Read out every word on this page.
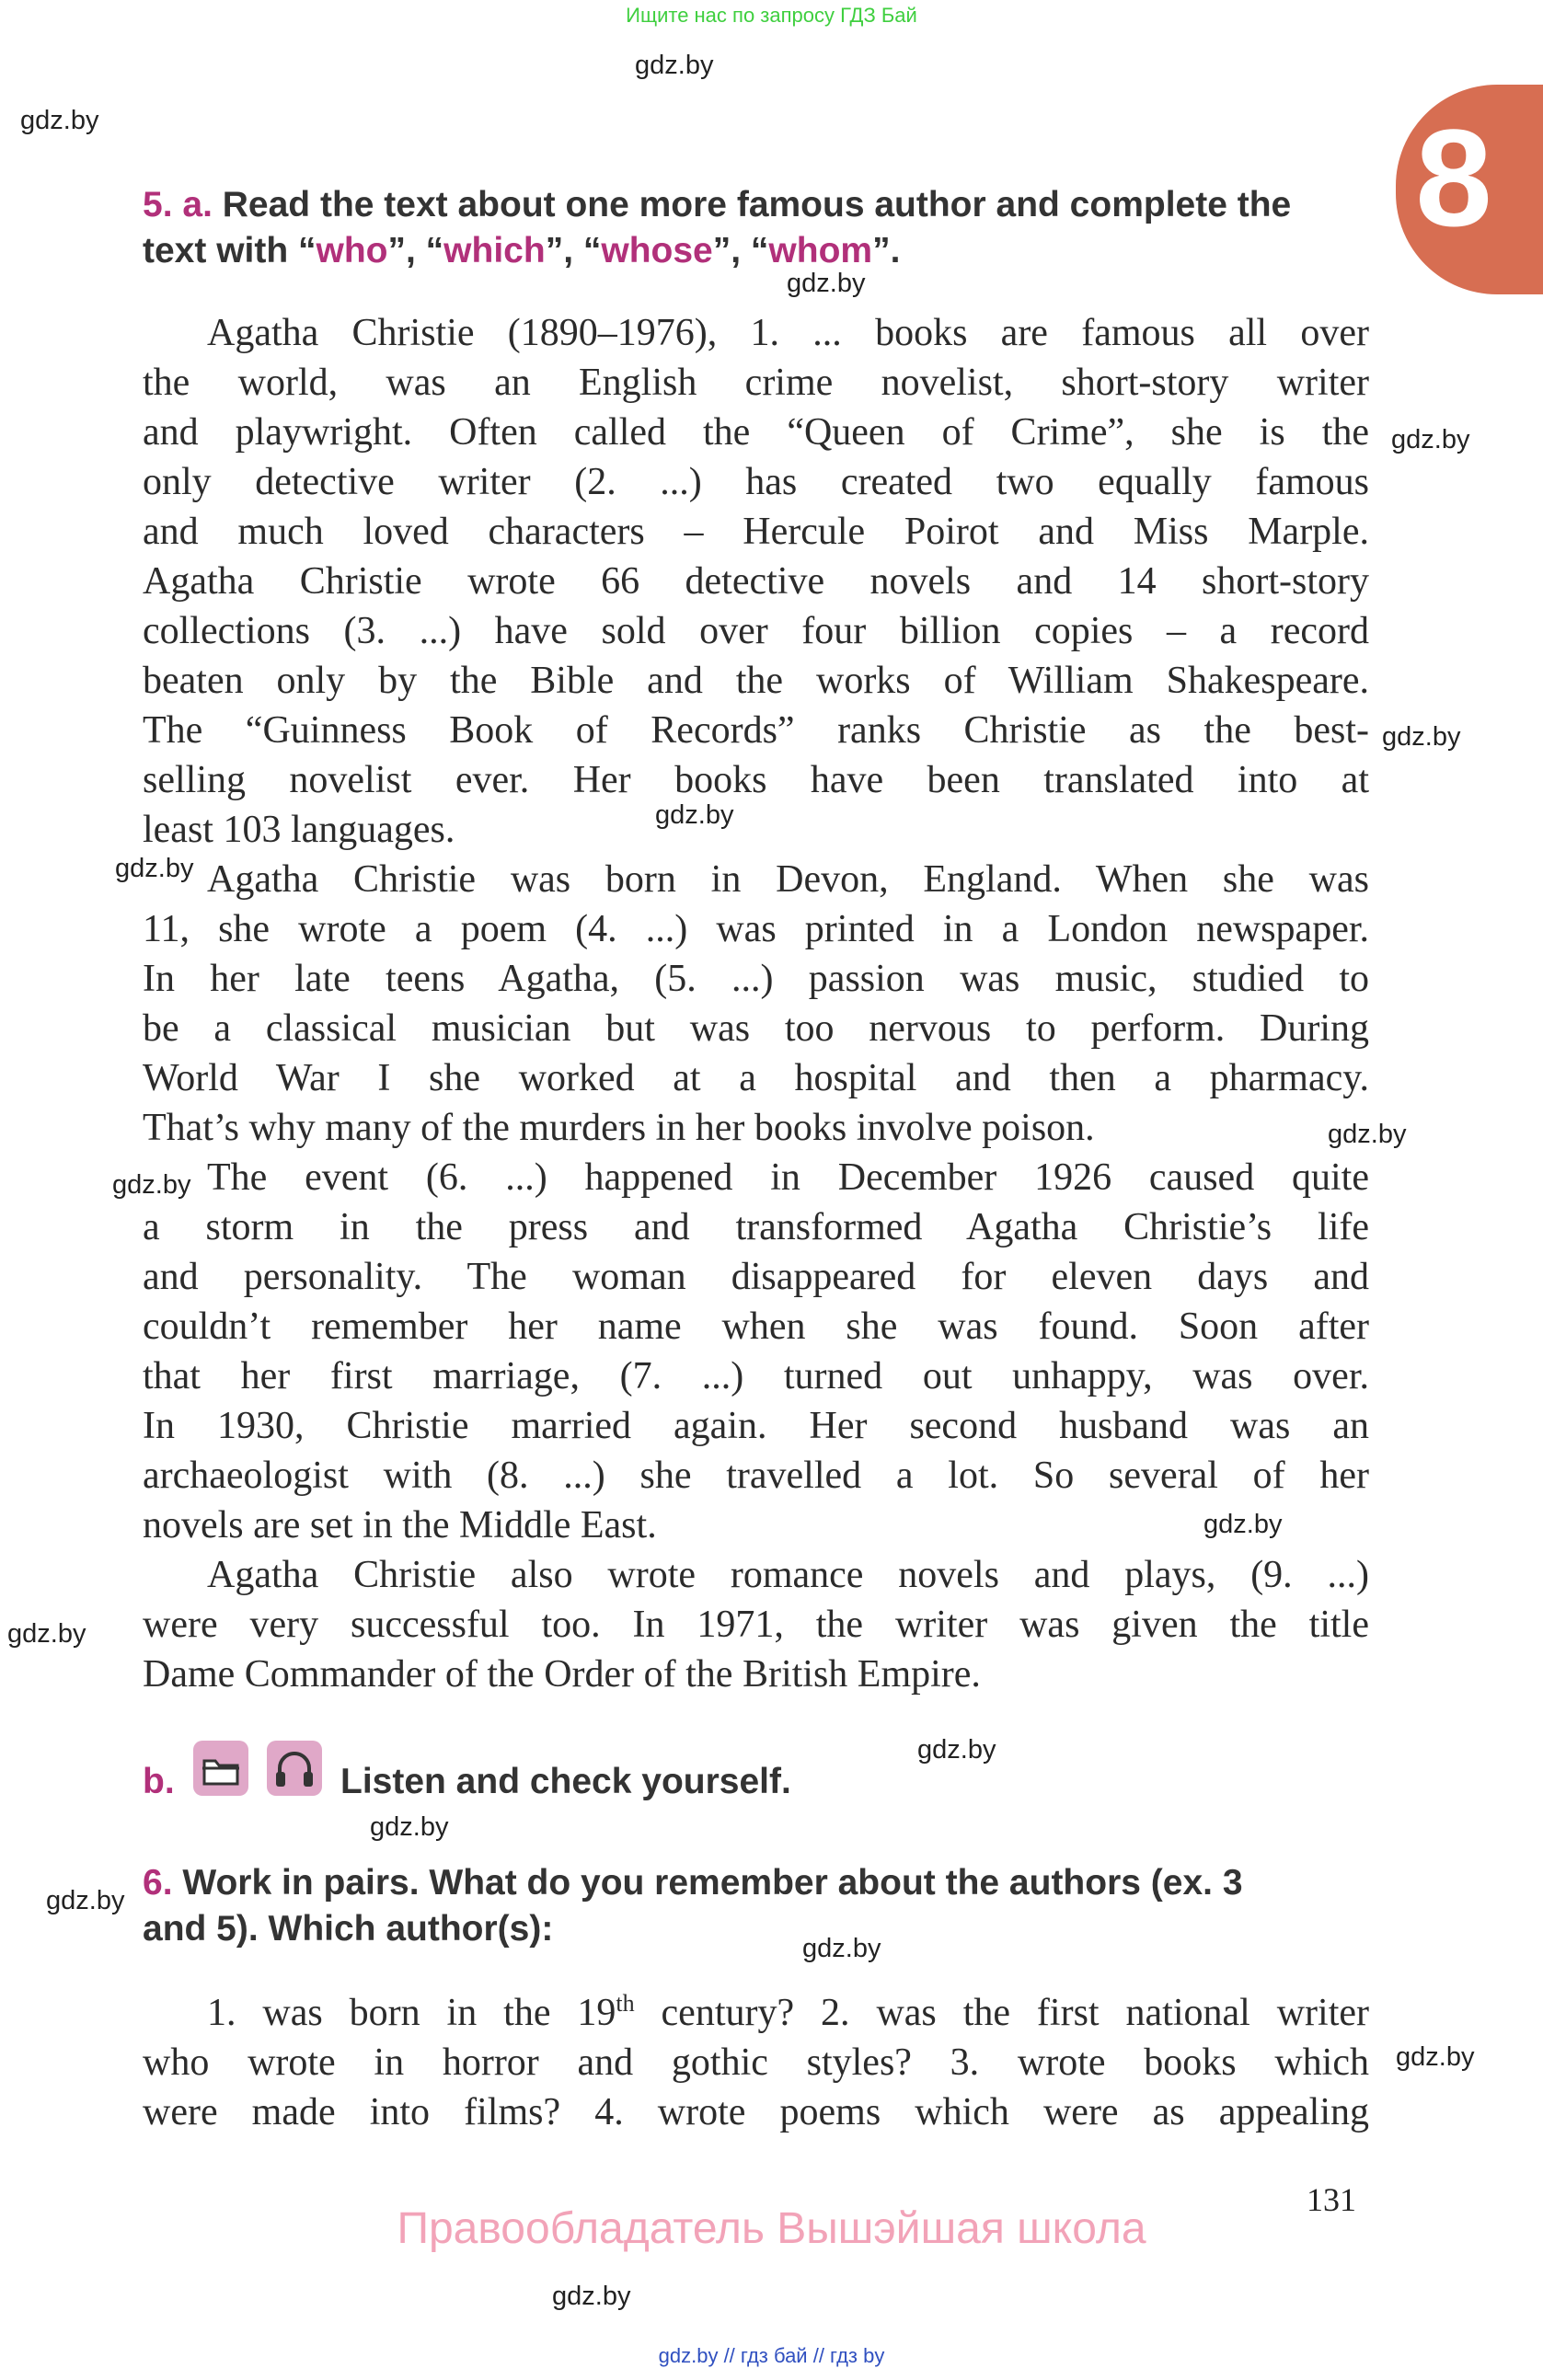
Ищите нас по запросу ГДЗ Бай
8
gdz.by
gdz.by
gdz.by
gdz.by
gdz.by
gdz.by
gdz.by
gdz.by
gdz.by
gdz.by
gdz.by
gdz.by
gdz.by
gdz.by
gdz.by
gdz.by
gdz.by
5. a. Read the text about one more famous author and complete the
text with “who”, “which”, “whose”, “whom”.
Agatha Christie (1890–1976), 1. ... books are famous all over
the world, was an English crime novelist, short-story writer
and playwright. Often called the “Queen of Crime”, she is the
only detective writer (2. ...) has created two equally famous
and much loved characters – Hercule Poirot and Miss Marple.
Agatha Christie wrote 66 detective novels and 14 short-story
collections (3. ...) have sold over four billion copies – a record
beaten only by the Bible and the works of William Shakespeare.
The “Guinness Book of Records” ranks Christie as the best-
selling novelist ever. Her books have been translated into at
least 103 languages.
Agatha Christie was born in Devon, England. When she was
11, she wrote a poem (4. ...) was printed in a London newspaper.
In her late teens Agatha, (5. ...) passion was music, studied to
be a classical musician but was too nervous to perform. During
World War I she worked at a hospital and then a pharmacy.
That’s why many of the murders in her books involve poison.
The event (6. ...) happened in December 1926 caused quite
a storm in the press and transformed Agatha Christie’s life
and personality. The woman disappeared for eleven days and
couldn’t remember her name when she was found. Soon after
that her first marriage, (7. ...) turned out unhappy, was over.
In 1930, Christie married again. Her second husband was an
archaeologist with (8. ...) she travelled a lot. So several of her
novels are set in the Middle East.
Agatha Christie also wrote romance novels and plays, (9. ...)
were very successful too. In 1971, the writer was given the title
Dame Commander of the Order of the British Empire.
b.	Listen and check yourself.
6. Work in pairs. What do you remember about the authors (ex. 3
and 5). Which author(s):
1. was born in the 19th century? 2. was the first national writer
who wrote in horror and gothic styles? 3. wrote books which
were made into films? 4. wrote poems which were as appealing
131
Правообладатель Вышэйшая школа
gdz.by // гдз бай // гдз by
